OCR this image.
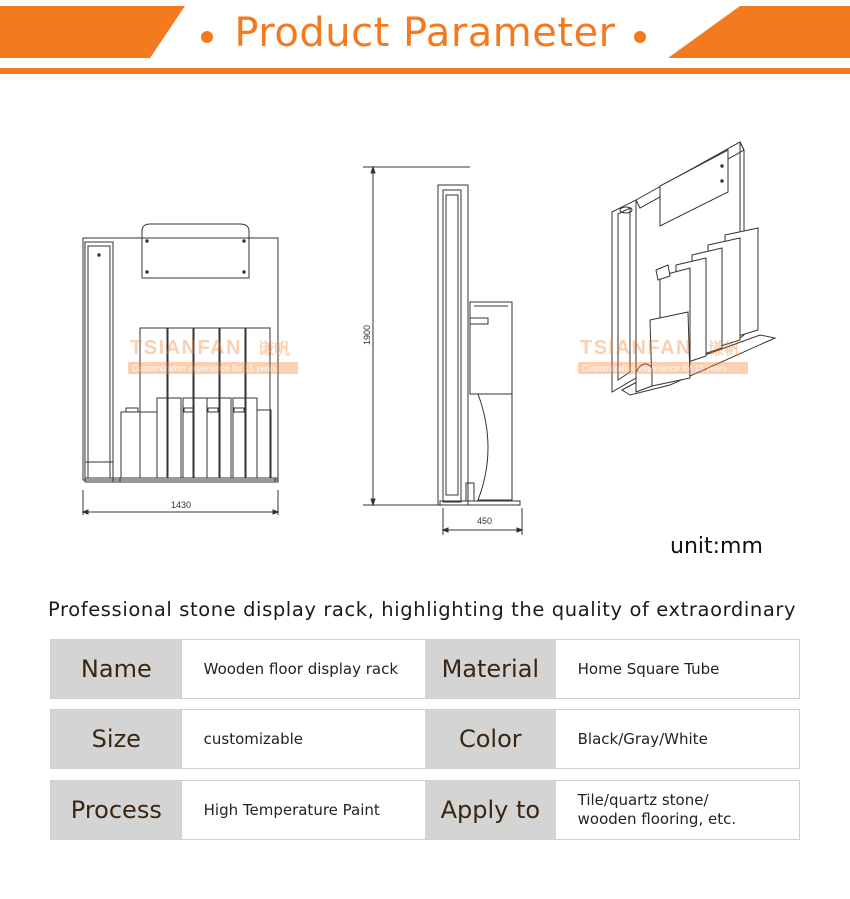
Product Parameter
TSIANFAN 谦帆
Customization experience for 15 years
TSIANFAN 谦帆
Customization experience for 15 years
1430
1900
450
unit:mm
Professional stone display rack, highlighting the quality of extraordinary
Name	Wooden floor display rack	Material	Home Square Tube
Size	customizable	Color	Black/Gray/White
Process	High Temperature Paint	Apply to	Tile/quartz stone/
wooden flooring, etc.
